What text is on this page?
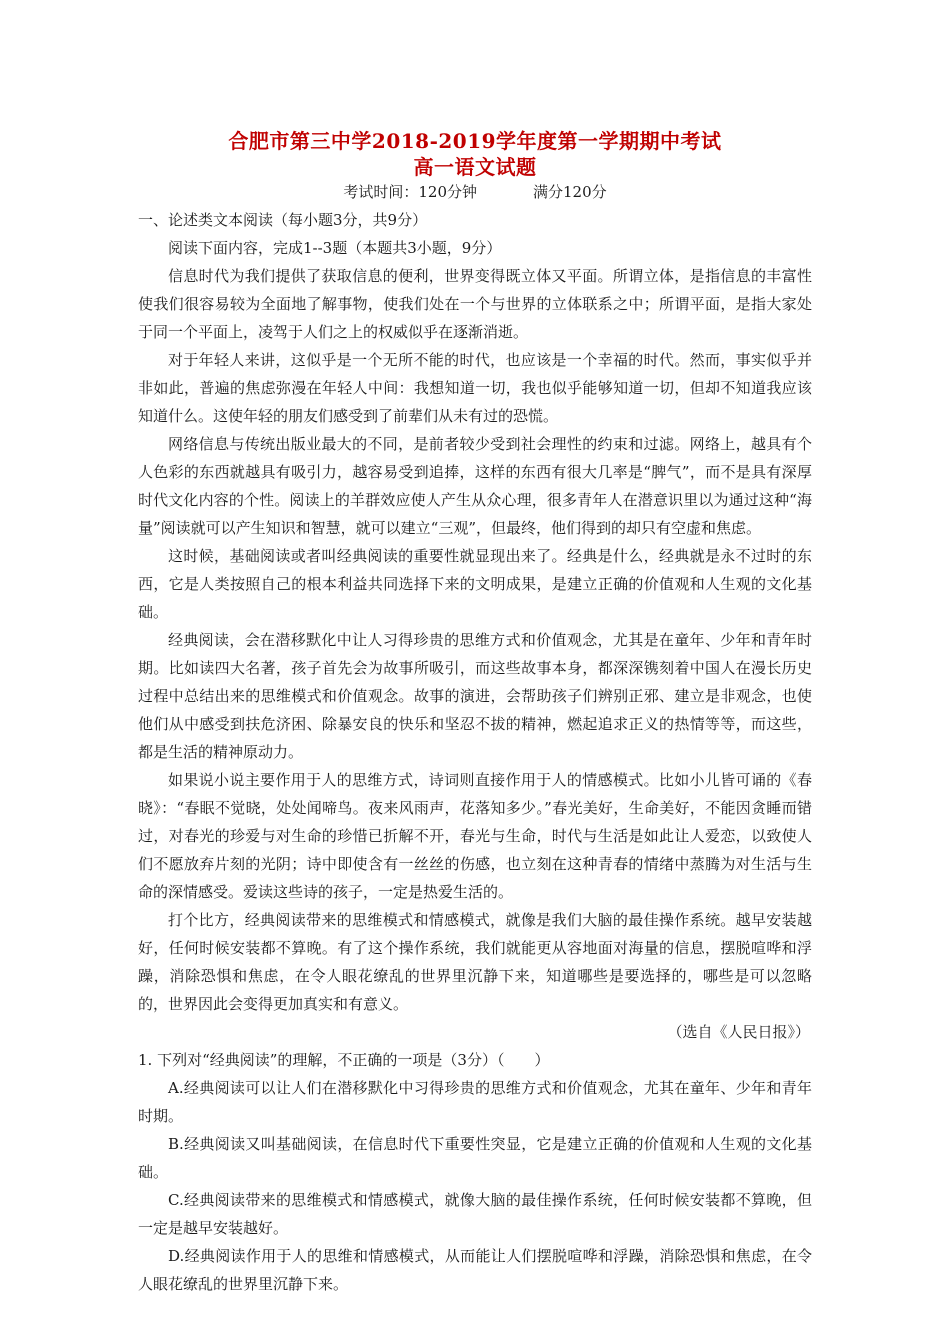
合肥市第三中学2018-2019学年度第一学期期中考试
高一语文试题
考试时间：120分钟	满分120分
一、论述类文本阅读（每小题3分，共9分）

阅读下面内容，完成1--3题（本题共3小题，9分）

信息时代为我们提供了获取信息的便利，世界变得既立体又平面。所谓立体，是指信息的丰富性使我们很容易较为全面地了解事物，使我们处在一个与世界的立体联系之中；所谓平面，是指大家处于同一个平面上，凌驾于人们之上的权威似乎在逐渐消逝。

对于年轻人来讲，这似乎是一个无所不能的时代，也应该是一个幸福的时代。然而，事实似乎并非如此，普遍的焦虑弥漫在年轻人中间：我想知道一切，我也似乎能够知道一切，但却不知道我应该知道什么。这使年轻的朋友们感受到了前辈们从未有过的恐慌。

网络信息与传统出版业最大的不同，是前者较少受到社会理性的约束和过滤。网络上，越具有个人色彩的东西就越具有吸引力，越容易受到追捧，这样的东西有很大几率是“脾气”，而不是具有深厚时代文化内容的个性。阅读上的羊群效应使人产生从众心理，很多青年人在潜意识里以为通过这种“海量”阅读就可以产生知识和智慧，就可以建立“三观”，但最终，他们得到的却只有空虚和焦虑。

这时候，基础阅读或者叫经典阅读的重要性就显现出来了。经典是什么，经典就是永不过时的东西，它是人类按照自己的根本利益共同选择下来的文明成果，是建立正确的价值观和人生观的文化基础。

经典阅读，会在潜移默化中让人习得珍贵的思维方式和价值观念，尤其是在童年、少年和青年时期。比如读四大名著，孩子首先会为故事所吸引，而这些故事本身，都深深镌刻着中国人在漫长历史过程中总结出来的思维模式和价值观念。故事的演进，会帮助孩子们辨别正邪、建立是非观念，也使他们从中感受到扶危济困、除暴安良的快乐和坚忍不拔的精神，燃起追求正义的热情等等，而这些，都是生活的精神原动力。

如果说小说主要作用于人的思维方式，诗词则直接作用于人的情感模式。比如小儿皆可诵的《春晓》：“春眠不觉晓，处处闻啼鸟。夜来风雨声，花落知多少。”春光美好，生命美好，不能因贪睡而错过，对春光的珍爱与对生命的珍惜已折解不开，春光与生命，时代与生活是如此让人爱恋，以致使人们不愿放弃片刻的光阴；诗中即使含有一丝丝的伤感，也立刻在这种青春的情绪中蒸腾为对生活与生命的深情感受。爱读这些诗的孩子，一定是热爱生活的。

打个比方，经典阅读带来的思维模式和情感模式，就像是我们大脑的最佳操作系统。越早安装越好，任何时候安装都不算晚。有了这个操作系统，我们就能更从容地面对海量的信息，摆脱喧哗和浮躁，消除恐惧和焦虑，在令人眼花缭乱的世界里沉静下来，知道哪些是要选择的，哪些是可以忽略的，世界因此会变得更加真实和有意义。

（选自《人民日报》）

1. 下列对“经典阅读”的理解，不正确的一项是（3分）（　　）

A.经典阅读可以让人们在潜移默化中习得珍贵的思维方式和价值观念，尤其在童年、少年和青年时期。

B.经典阅读又叫基础阅读，在信息时代下重要性突显，它是建立正确的价值观和人生观的文化基础。

C.经典阅读带来的思维模式和情感模式，就像大脑的最佳操作系统，任何时候安装都不算晚，但一定是越早安装越好。

D.经典阅读作用于人的思维和情感模式，从而能让人们摆脱喧哗和浮躁，消除恐惧和焦虑，在令人眼花缭乱的世界里沉静下来。
